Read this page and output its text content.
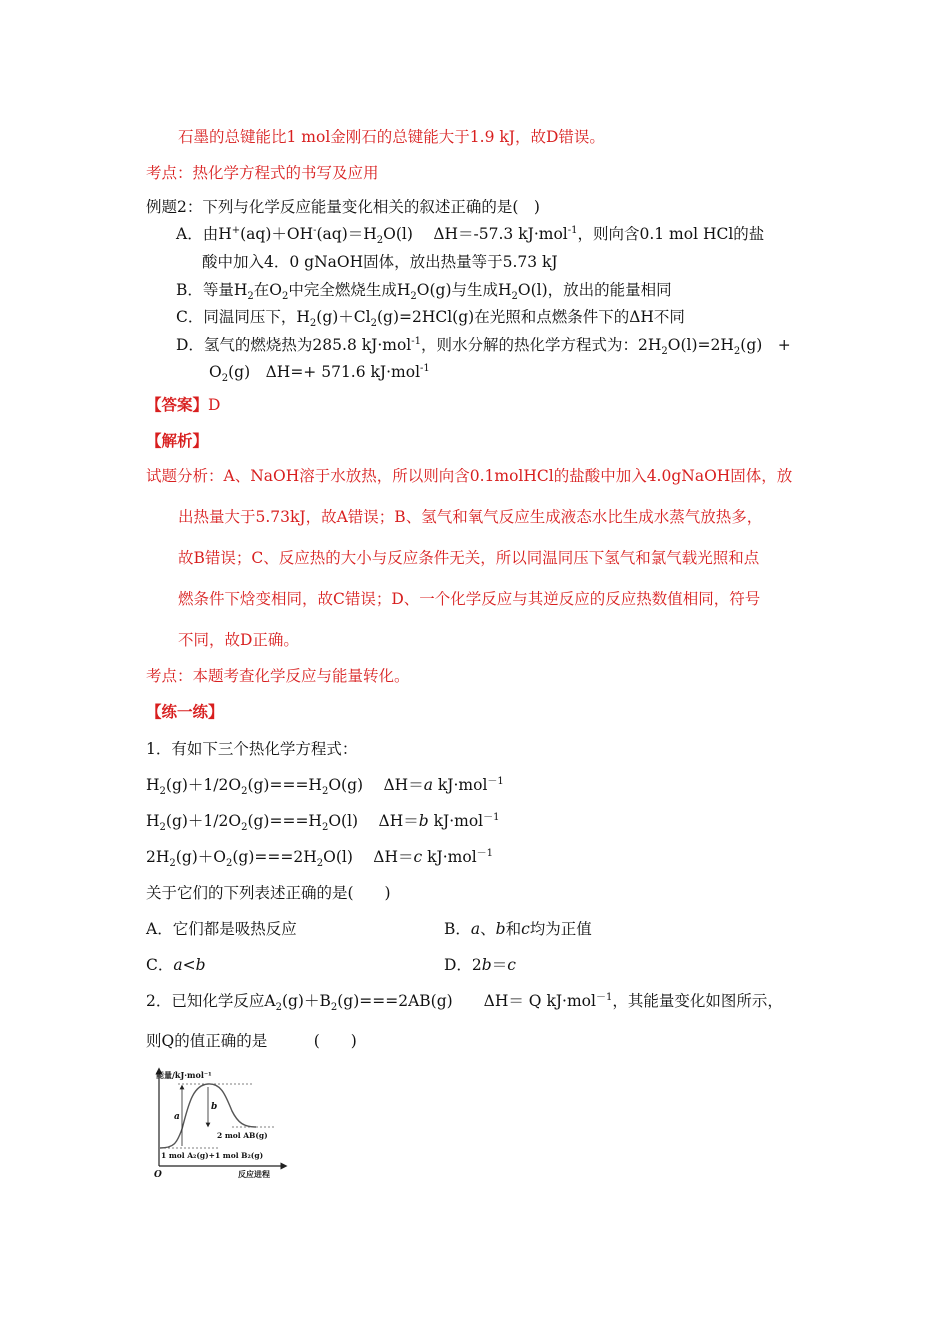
石墨的总键能比1 mol金刚石的总键能大于1.9 kJ，故D错误。
考点：热化学方程式的书写及应用
例题2：下列与化学反应能量变化相关的叙述正确的是(　)
A．由$H^+(aq)+OH^-(aq)=H_2O(l)$　 ΔH＝-57.3 kJ·mol$^{-1}$，则向含0.1 mol HCl的盐
酸中加入4．0 gNaOH固体，放出热量等于5.73 kJ
B．等量$H_2$在$O_2$中完全燃烧生成$H_2O(g)$与生成$H_2O(l)$，放出的能量相同
C．同温同压下，$H_2(g)+Cl_2(g)=2HCl(g)$在光照和点燃条件下的ΔH不同
D．氢气的燃烧热为285.8 kJ·mol$^{-1}$，则水分解的热化学方程式为：$2H_2O(l)=2H_2(g)$　+
$O_2(g)$　ΔH=+ 571.6 kJ·mol$^{-1}$
【答案】D
【解析】
试题分析：A、NaOH溶于水放热，所以则向含0.1molHCl的盐酸中加入4.0gNaOH固体，放
出热量大于5.73kJ，故A错误；B、氢气和氧气反应生成液态水比生成水蒸气放热多，
故B错误；C、反应热的大小与反应条件无关，所以同温同压下氢气和氯气载光照和点
燃条件下焓变相同，故C错误；D、一个化学反应与其逆反应的反应热数值相同，符号
不同，故D正确。
考点：本题考查化学反应与能量转化。
【练一练】
1．有如下三个热化学方程式：
$H_2(g)+1/2O_2(g)===H_2O(g)$　 ΔH＝a kJ·mol$^{-1}$
$H_2(g)+1/2O_2(g)===H_2O(l)$　 ΔH＝b kJ·mol$^{-1}$
$2H_2(g)+O_2(g)===2H_2O(l)$　 ΔH＝c kJ·mol$^{-1}$
关于它们的下列表述正确的是(　　)
A．它们都是吸热反应	B．a、b和c均为正值
C．a<b	D．2b＝c
2．已知化学反应$A_2(g)+B_2(g)===2AB(g)$　　ΔH＝ Q kJ·mol$^{-1}$，其能量变化如图所示，
则Q的值正确的是　　　(　　)
能量/kJ·mol⁻¹
a
b
2 mol AB(g)
1 mol A₂(g)+1 mol B₂(g)
O	反应进程
